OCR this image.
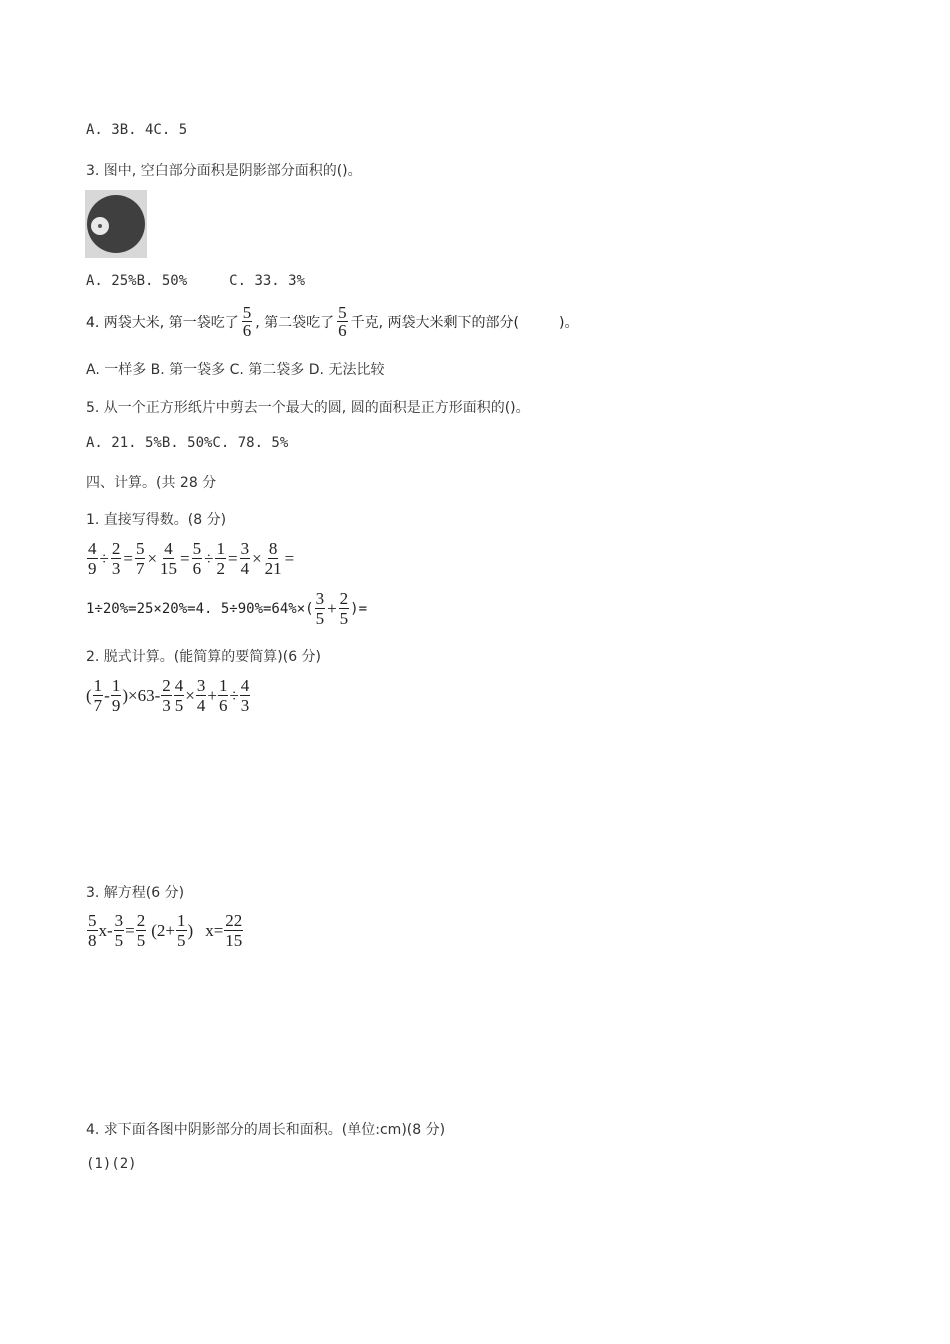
A. 3B. 4C. 5
3. 图中, 空白部分面积是阴影部分面积的()。
A. 25%B. 50%	C. 33. 3%
4. 两袋大米, 第一袋吃了 $\frac{5}{6}$ , 第二袋吃了 $\frac{5}{6}$ 千克, 两袋大米剩下的部分(	)。
A. 一样多 B. 第一袋多 C. 第二袋多 D. 无法比较
5. 从一个正方形纸片中剪去一个最大的圆, 圆的面积是正方形面积的()。
A. 21. 5%B. 50%C. 78. 5%
四、计算。(共 28 分
1. 直接写得数。(8 分)
$\frac{4}{9} \div \frac{2}{3} = \frac{5}{7} \times \frac{4}{15} = \frac{5}{6} \div \frac{1}{2} = \frac{3}{4} \times \frac{8}{21}$ =
1÷20%=25×20%=4. $5\div 90\%=64\%\times( \frac{3}{5} + \frac{2}{5}$ )=
2. 脱式计算。(能简算的要简算)(6 分)
( $\frac{1}{7} - \frac{1}{9} )\times 63- \frac{2}{3} \frac{4}{5} \times \frac{3}{4} + \frac{1}{6} \div \frac{4}{3}$
3. 解方程(6 分)
$\frac{5}{8} x- \frac{3}{5} = \frac{2}{5} (2+ \frac{1}{5}$ ) $x= \frac{22}{15}$
4. 求下面各图中阴影部分的周长和面积。(单位:cm)(8 分)
(1)(2)
